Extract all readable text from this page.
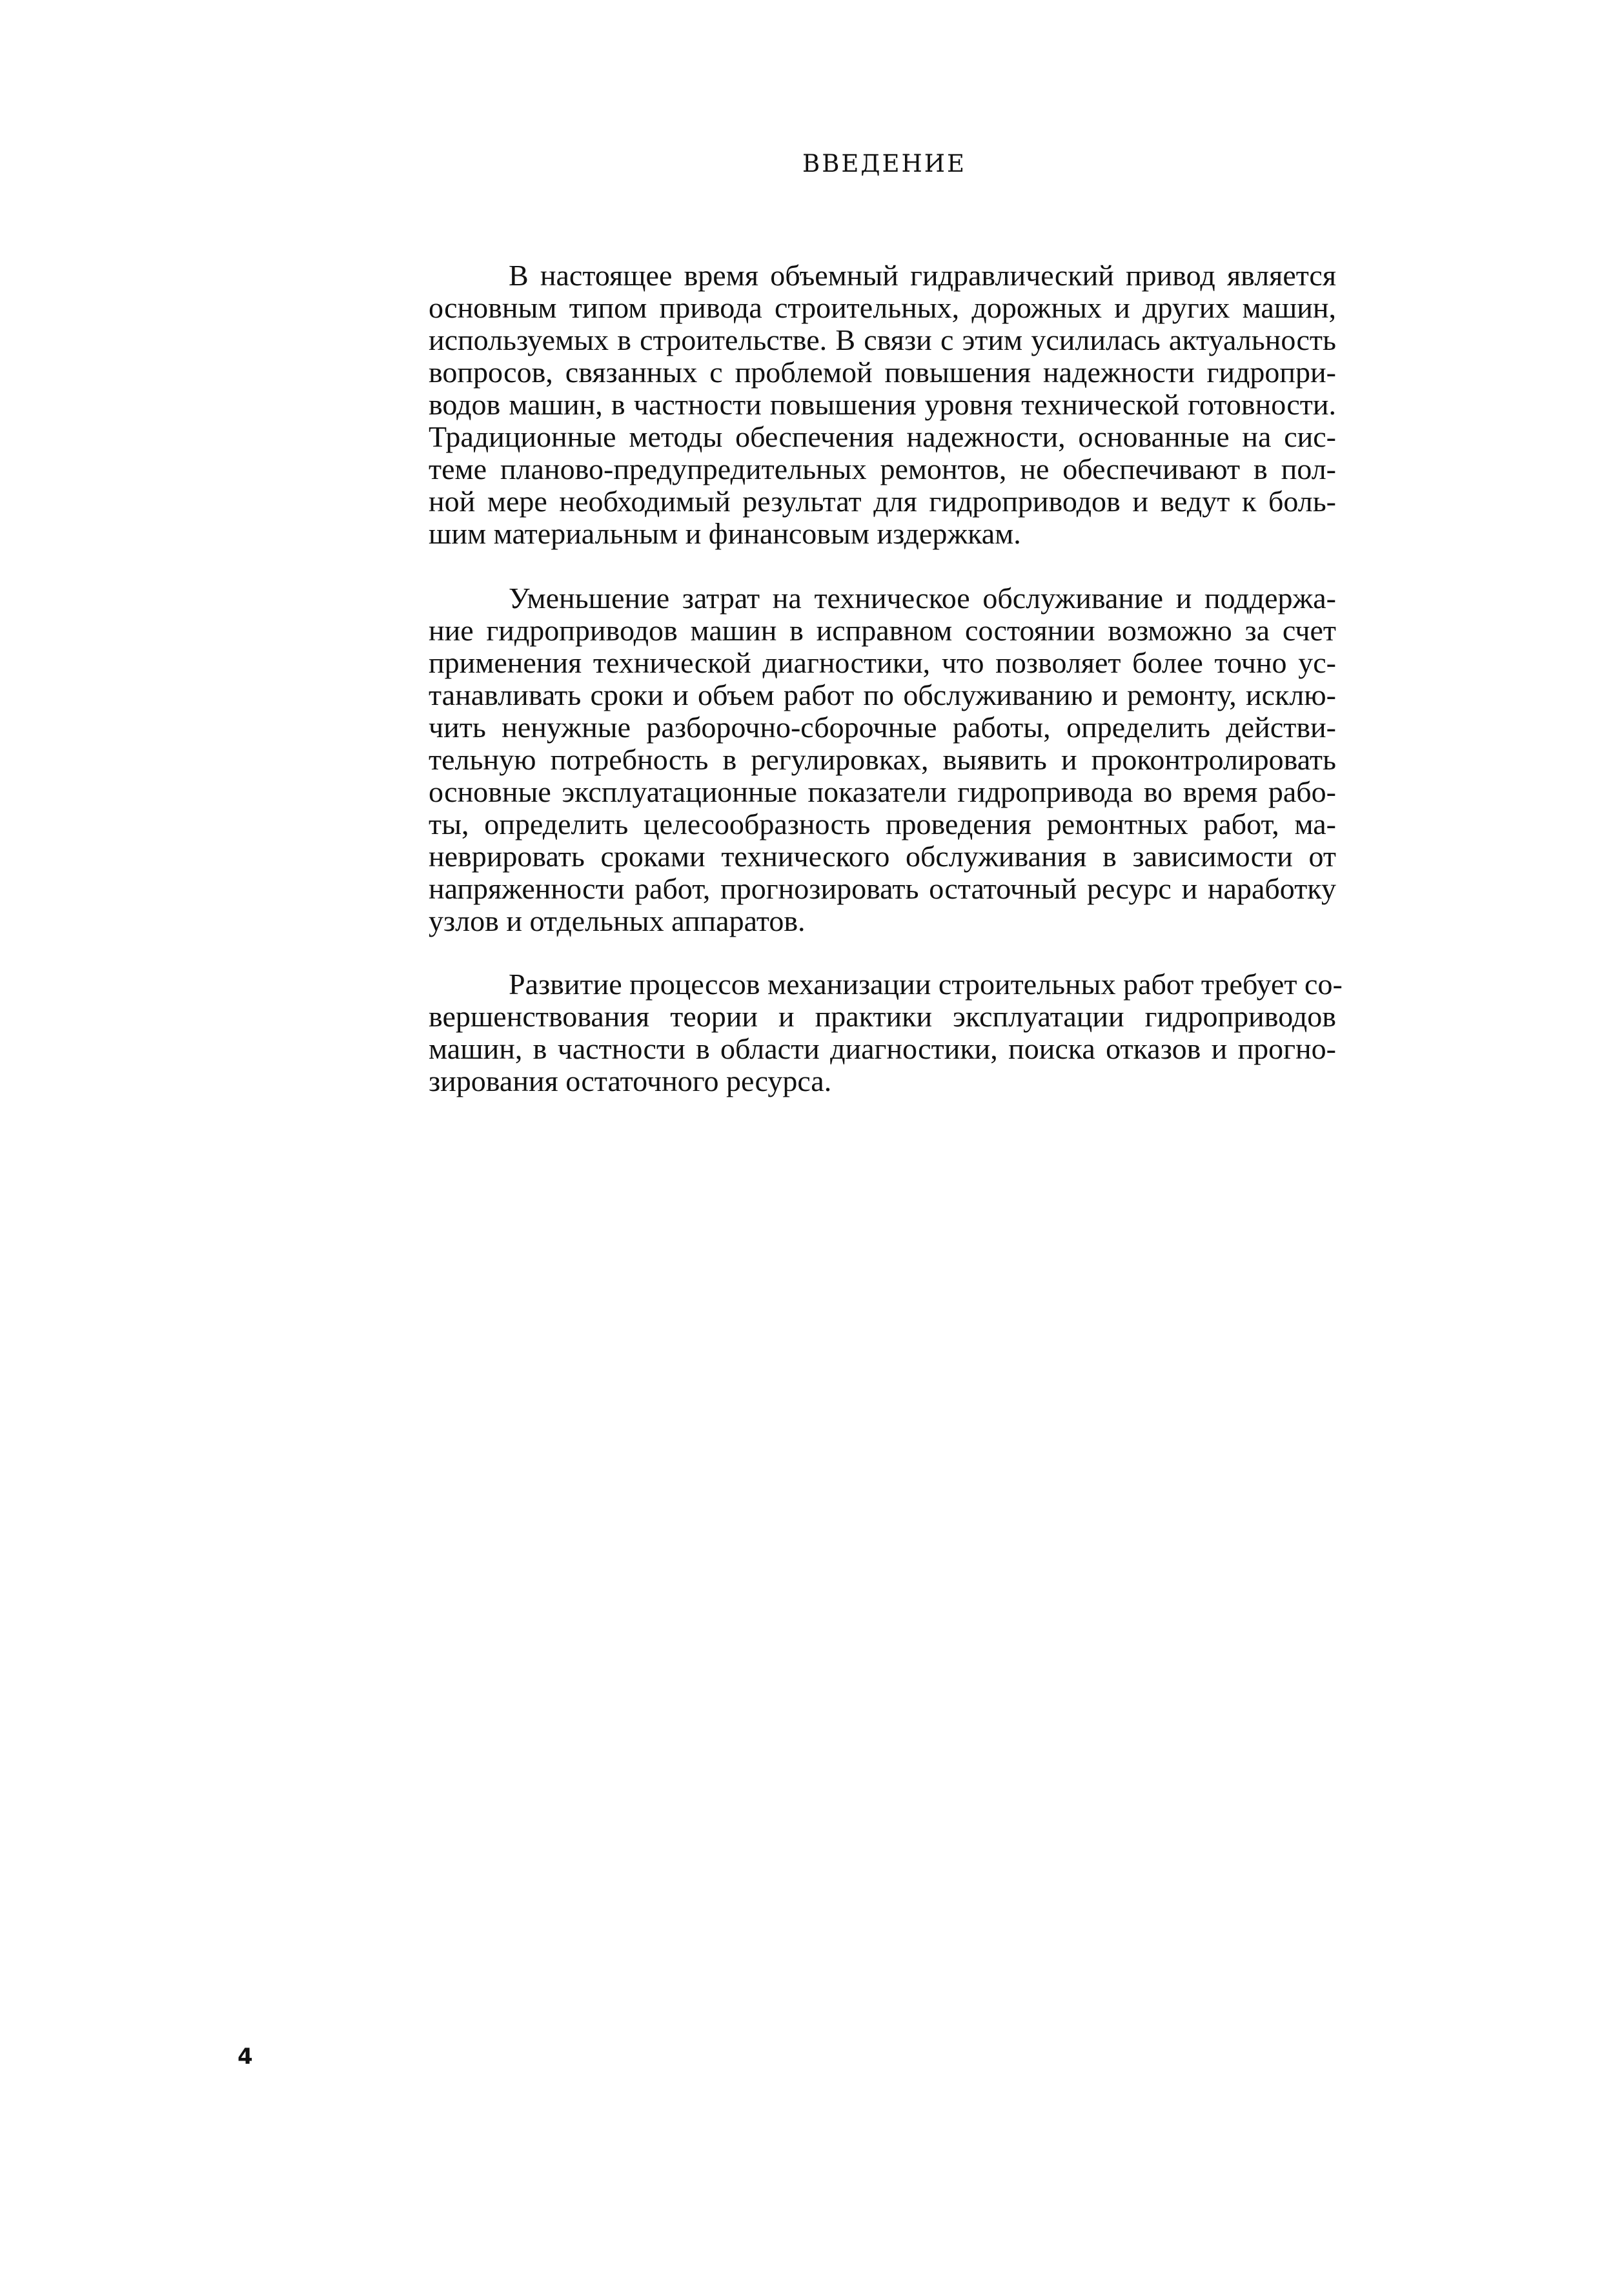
ВВЕДЕНИЕ
В настоящее время объемный гидравлический привод является
основным типом привода строительных, дорожных и других машин,
используемых в строительстве. В связи с этим усилилась актуальность
вопросов, связанных с проблемой повышения надежности гидропри-
водов машин, в частности повышения уровня технической готовности.
Традиционные методы обеспечения надежности, основанные на сис-
теме планово-предупредительных ремонтов, не обеспечивают в пол-
ной мере необходимый результат для гидроприводов и ведут к боль-
шим материальным и финансовым издержкам.
Уменьшение затрат на техническое обслуживание и поддержа-
ние гидроприводов машин в исправном состоянии возможно за счет
применения технической диагностики, что позволяет более точно ус-
танавливать сроки и объем работ по обслуживанию и ремонту, исклю-
чить ненужные разборочно-сборочные работы, определить действи-
тельную потребность в регулировках, выявить и проконтролировать
основные эксплуатационные показатели гидропривода во время рабо-
ты, определить целесообразность проведения ремонтных работ, ма-
неврировать сроками технического обслуживания в зависимости от
напряженности работ, прогнозировать остаточный ресурс и наработку
узлов и отдельных аппаратов.
Развитие процессов механизации строительных работ требует со-
вершенствования теории и практики эксплуатации гидроприводов
машин, в частности в области диагностики, поиска отказов и прогно-
зирования остаточного ресурса.
4
